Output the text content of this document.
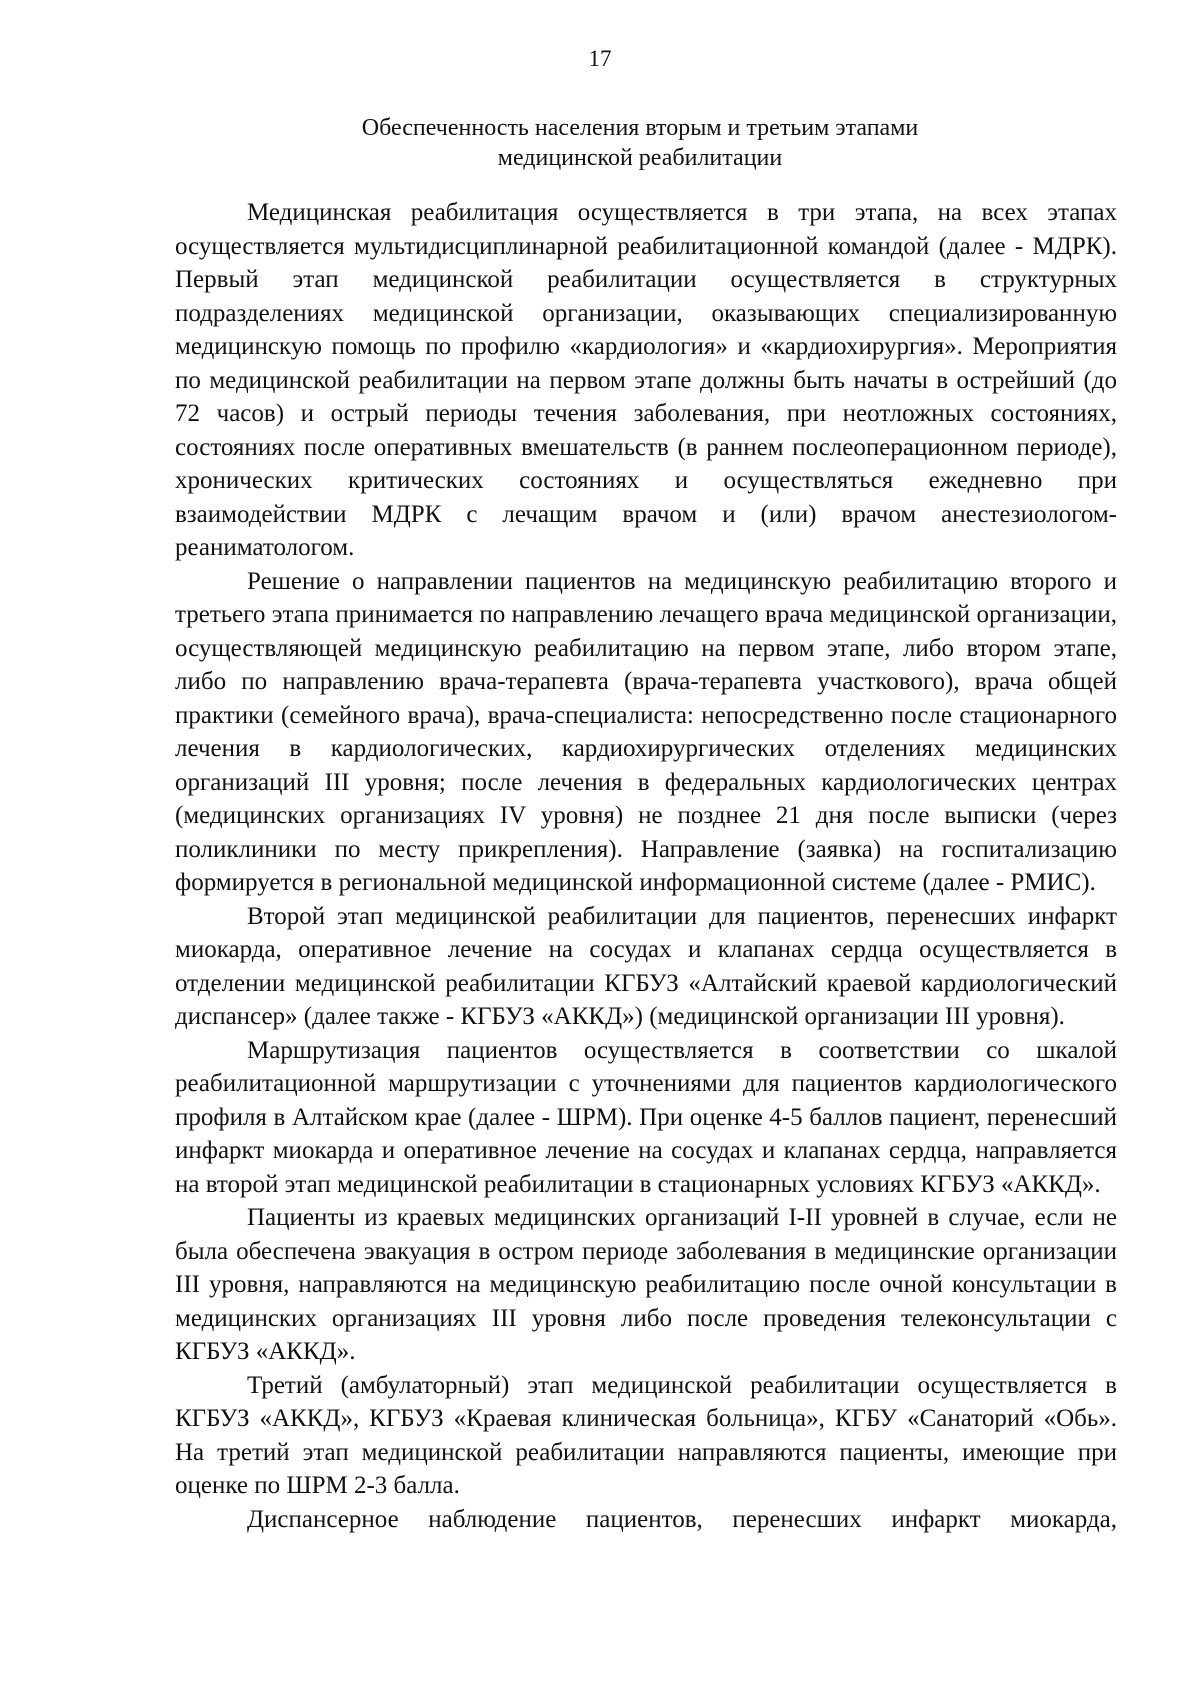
17
Обеспеченность населения вторым и третьим этапами
медицинской реабилитации

Медицинская реабилитация осуществляется в три этапа, на всех этапах осуществляется мультидисциплинарной реабилитационной командой (далее - МДРК). Первый этап медицинской реабилитации осуществляется в структурных подразделениях медицинской организации, оказывающих специализированную медицинскую помощь по профилю «кардиология» и «кардиохирургия». Мероприятия по медицинской реабилитации на первом этапе должны быть начаты в острейший (до 72 часов) и острый периоды течения заболевания, при неотложных состояниях, состояниях после оперативных вмешательств (в раннем послеоперационном периоде), хронических критических состояниях и осуществляться ежедневно при взаимодействии МДРК с лечащим врачом и (или) врачом анестезиологом-реаниматологом.

Решение о направлении пациентов на медицинскую реабилитацию второго и третьего этапа принимается по направлению лечащего врача медицинской организации, осуществляющей медицинскую реабилитацию на первом этапе, либо втором этапе, либо по направлению врача-терапевта (врача-терапевта участкового), врача общей практики (семейного врача), врача-специалиста: непосредственно после стационарного лечения в кардиологических, кардиохирургических отделениях медицинских организаций III уровня; после лечения в федеральных кардиологических центрах (медицинских организациях IV уровня) не позднее 21 дня после выписки (через поликлиники по месту прикрепления). Направление (заявка) на госпитализацию формируется в региональной медицинской информационной системе (далее - РМИС).

Второй этап медицинской реабилитации для пациентов, перенесших инфаркт миокарда, оперативное лечение на сосудах и клапанах сердца осуществляется в отделении медицинской реабилитации КГБУЗ «Алтайский краевой кардиологический диспансер» (далее также - КГБУЗ «АККД») (медицинской организации III уровня).

Маршрутизация пациентов осуществляется в соответствии со шкалой реабилитационной маршрутизации с уточнениями для пациентов кардиологического профиля в Алтайском крае (далее - ШРМ). При оценке 4-5 баллов пациент, перенесший инфаркт миокарда и оперативное лечение на сосудах и клапанах сердца, направляется на второй этап медицинской реабилитации в стационарных условиях КГБУЗ «АККД».

Пациенты из краевых медицинских организаций I-II уровней в случае, если не была обеспечена эвакуация в остром периоде заболевания в медицинские организации III уровня, направляются на медицинскую реабилитацию после очной консультации в медицинских организациях III уровня либо после проведения телеконсультации с КГБУЗ «АККД».

Третий (амбулаторный) этап медицинской реабилитации осуществляется в КГБУЗ «АККД», КГБУЗ «Краевая клиническая больница», КГБУ «Санаторий «Обь». На третий этап медицинской реабилитации направляются пациенты, имеющие при оценке по ШРМ 2-3 балла.

Диспансерное наблюдение пациентов, перенесших инфаркт миокарда,
